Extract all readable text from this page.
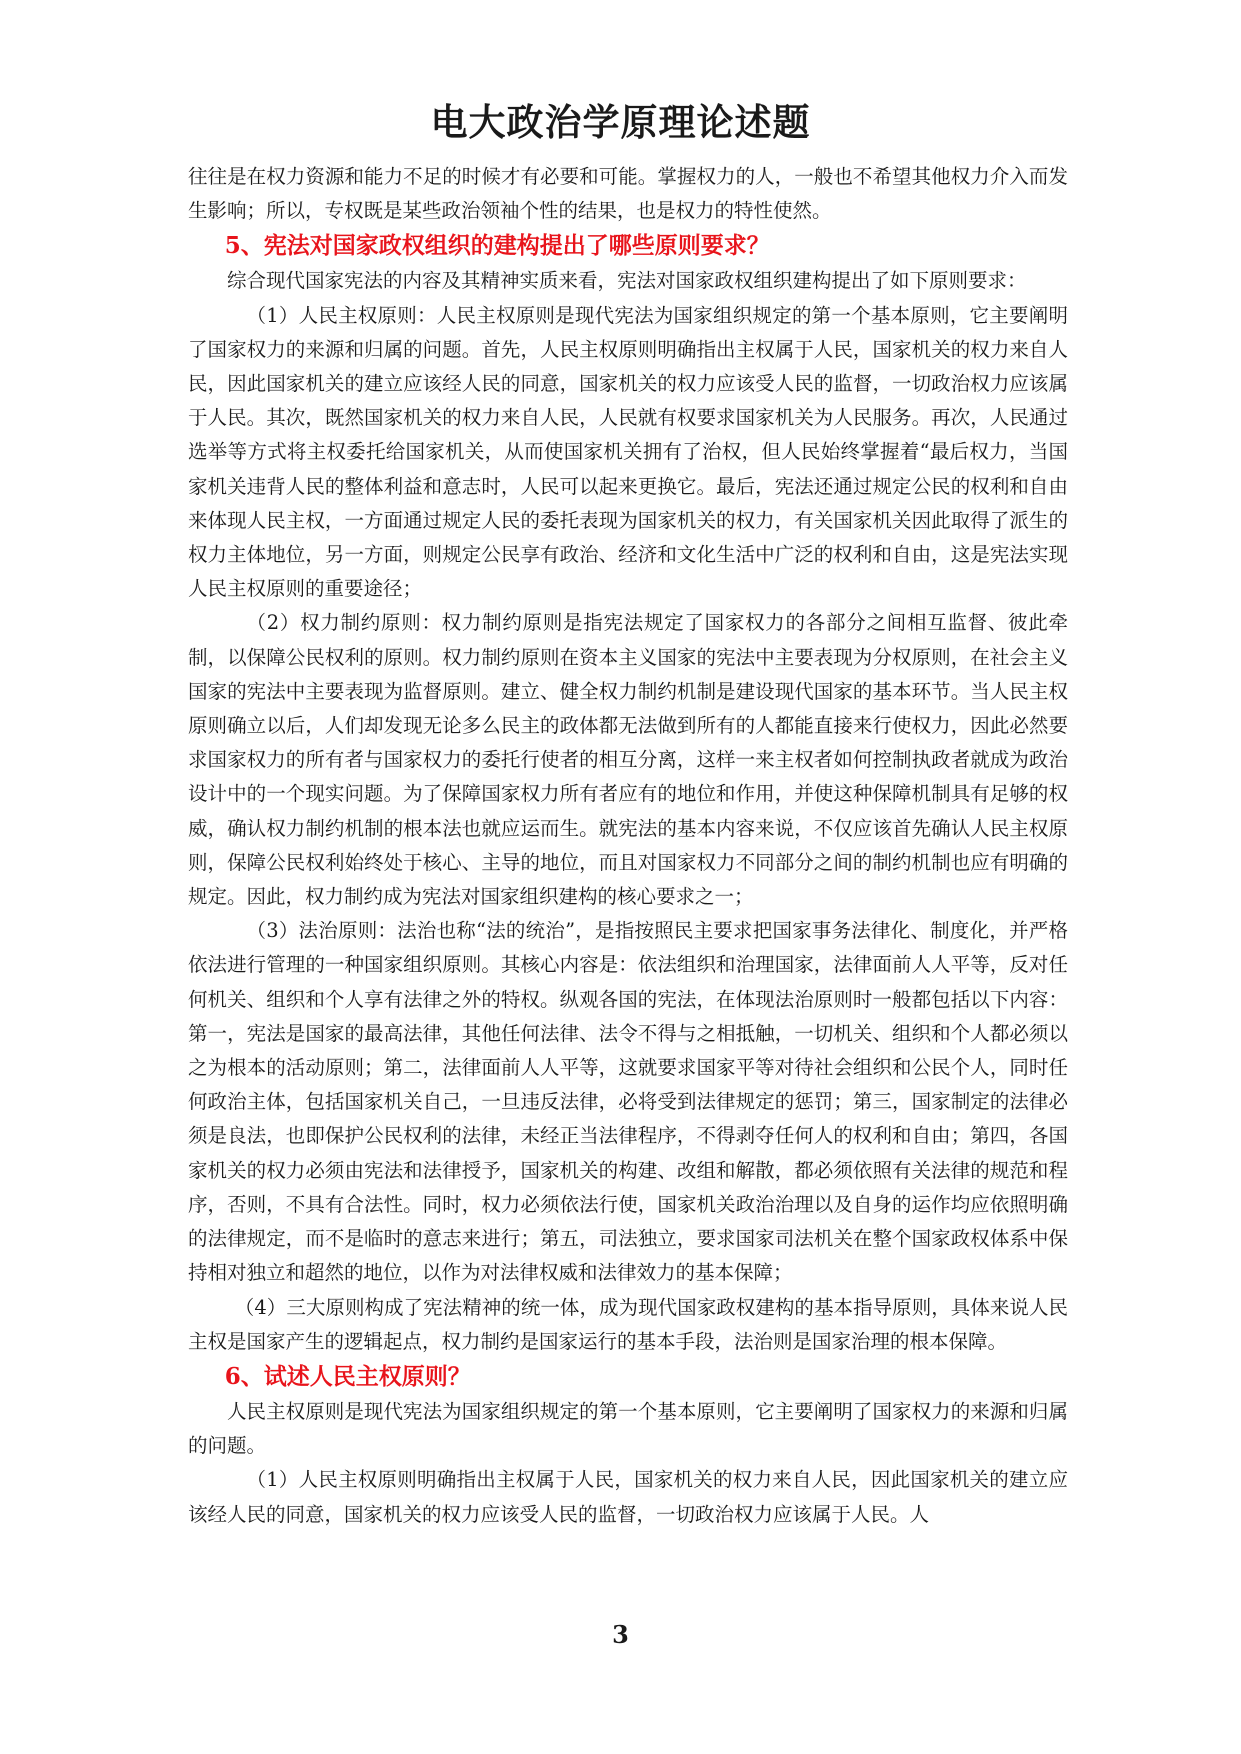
电大政治学原理论述题

往往是在权力资源和能力不足的时候才有必要和可能。掌握权力的人，一般也不希望其他权力介入而发生影响；所以，专权既是某些政治领袖个性的结果，也是权力的特性使然。

5、宪法对国家政权组织的建构提出了哪些原则要求？

综合现代国家宪法的内容及其精神实质来看，宪法对国家政权组织建构提出了如下原则要求：

（1）人民主权原则：人民主权原则是现代宪法为国家组织规定的第一个基本原则，它主要阐明了国家权力的来源和归属的问题。首先，人民主权原则明确指出主权属于人民，国家机关的权力来自人民，因此国家机关的建立应该经人民的同意，国家机关的权力应该受人民的监督，一切政治权力应该属于人民。其次，既然国家机关的权力来自人民，人民就有权要求国家机关为人民服务。再次，人民通过选举等方式将主权委托给国家机关，从而使国家机关拥有了治权，但人民始终掌握着“最后权力，当国家机关违背人民的整体利益和意志时，人民可以起来更换它。最后，宪法还通过规定公民的权利和自由来体现人民主权，一方面通过规定人民的委托表现为国家机关的权力，有关国家机关因此取得了派生的权力主体地位，另一方面，则规定公民享有政治、经济和文化生活中广泛的权利和自由，这是宪法实现人民主权原则的重要途径；

（2）权力制约原则：权力制约原则是指宪法规定了国家权力的各部分之间相互监督、彼此牵制，以保障公民权利的原则。权力制约原则在资本主义国家的宪法中主要表现为分权原则，在社会主义国家的宪法中主要表现为监督原则。建立、健全权力制约机制是建设现代国家的基本环节。当人民主权原则确立以后，人们却发现无论多么民主的政体都无法做到所有的人都能直接来行使权力，因此必然要求国家权力的所有者与国家权力的委托行使者的相互分离，这样一来主权者如何控制执政者就成为政治设计中的一个现实问题。为了保障国家权力所有者应有的地位和作用，并使这种保障机制具有足够的权威，确认权力制约机制的根本法也就应运而生。就宪法的基本内容来说，不仅应该首先确认人民主权原则，保障公民权利始终处于核心、主导的地位，而且对国家权力不同部分之间的制约机制也应有明确的规定。因此，权力制约成为宪法对国家组织建构的核心要求之一；

（3）法治原则：法治也称“法的统治”，是指按照民主要求把国家事务法律化、制度化，并严格依法进行管理的一种国家组织原则。其核心内容是：依法组织和治理国家，法律面前人人平等，反对任何机关、组织和个人享有法律之外的特权。纵观各国的宪法，在体现法治原则时一般都包括以下内容：第一，宪法是国家的最高法律，其他任何法律、法令不得与之相抵触，一切机关、组织和个人都必须以之为根本的活动原则；第二，法律面前人人平等，这就要求国家平等对待社会组织和公民个人，同时任何政治主体，包括国家机关自己，一旦违反法律，必将受到法律规定的惩罚；第三，国家制定的法律必须是良法，也即保护公民权利的法律，未经正当法律程序，不得剥夺任何人的权利和自由；第四，各国家机关的权力必须由宪法和法律授予，国家机关的构建、改组和解散，都必须依照有关法律的规范和程序，否则，不具有合法性。同时，权力必须依法行使，国家机关政治治理以及自身的运作均应依照明确的法律规定，而不是临时的意志来进行；第五，司法独立，要求国家司法机关在整个国家政权体系中保持相对独立和超然的地位，以作为对法律权威和法律效力的基本保障；

（4）三大原则构成了宪法精神的统一体，成为现代国家政权建构的基本指导原则，具体来说人民主权是国家产生的逻辑起点，权力制约是国家运行的基本手段，法治则是国家治理的根本保障。

6、试述人民主权原则？

人民主权原则是现代宪法为国家组织规定的第一个基本原则，它主要阐明了国家权力的来源和归属的问题。

（1）人民主权原则明确指出主权属于人民，国家机关的权力来自人民，因此国家机关的建立应该经人民的同意，国家机关的权力应该受人民的监督，一切政治权力应该属于人民。人

3
